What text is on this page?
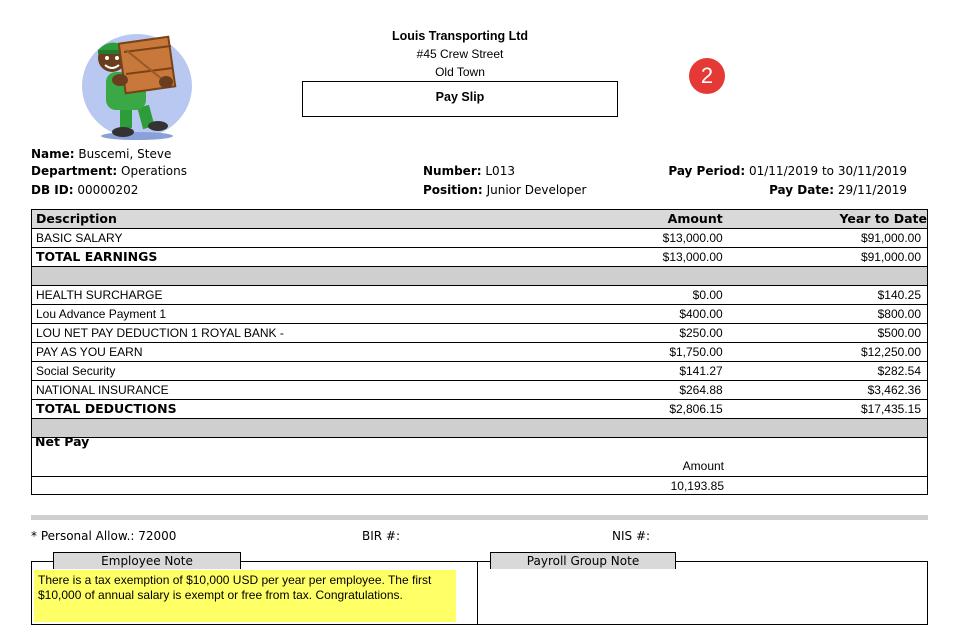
Louis Transporting Ltd
#45 Crew Street
Old Town
Pay Slip
2
Name: Buscemi, Steve
Department: Operations
DB ID: 00000202
Number: L013
Position: Junior Developer
Pay Period: 01/11/2019 to 30/11/2019
Pay Date: 29/11/2019
Description	Amount	Year to Date
BASIC SALARY	$13,000.00	$91,000.00
TOTAL EARNINGS	$13,000.00	$91,000.00

HEALTH SURCHARGE	$0.00	$140.25
Lou Advance Payment 1	$400.00	$800.00
LOU NET PAY DEDUCTION 1 ROYAL BANK -	$250.00	$500.00
PAY AS YOU EARN	$1,750.00	$12,250.00
Social Security	$141.27	$282.54
NATIONAL INSURANCE	$264.88	$3,462.36
TOTAL DEDUCTIONS	$2,806.15	$17,435.15

Net Pay
Amount
10,193.85
* Personal Allow.: 72000	BIR #:	NIS #:
Employee Note
There is a tax exemption of $10,000 USD per year per employee. The first $10,000 of annual salary is exempt or free from tax. Congratulations.
Payroll Group Note
